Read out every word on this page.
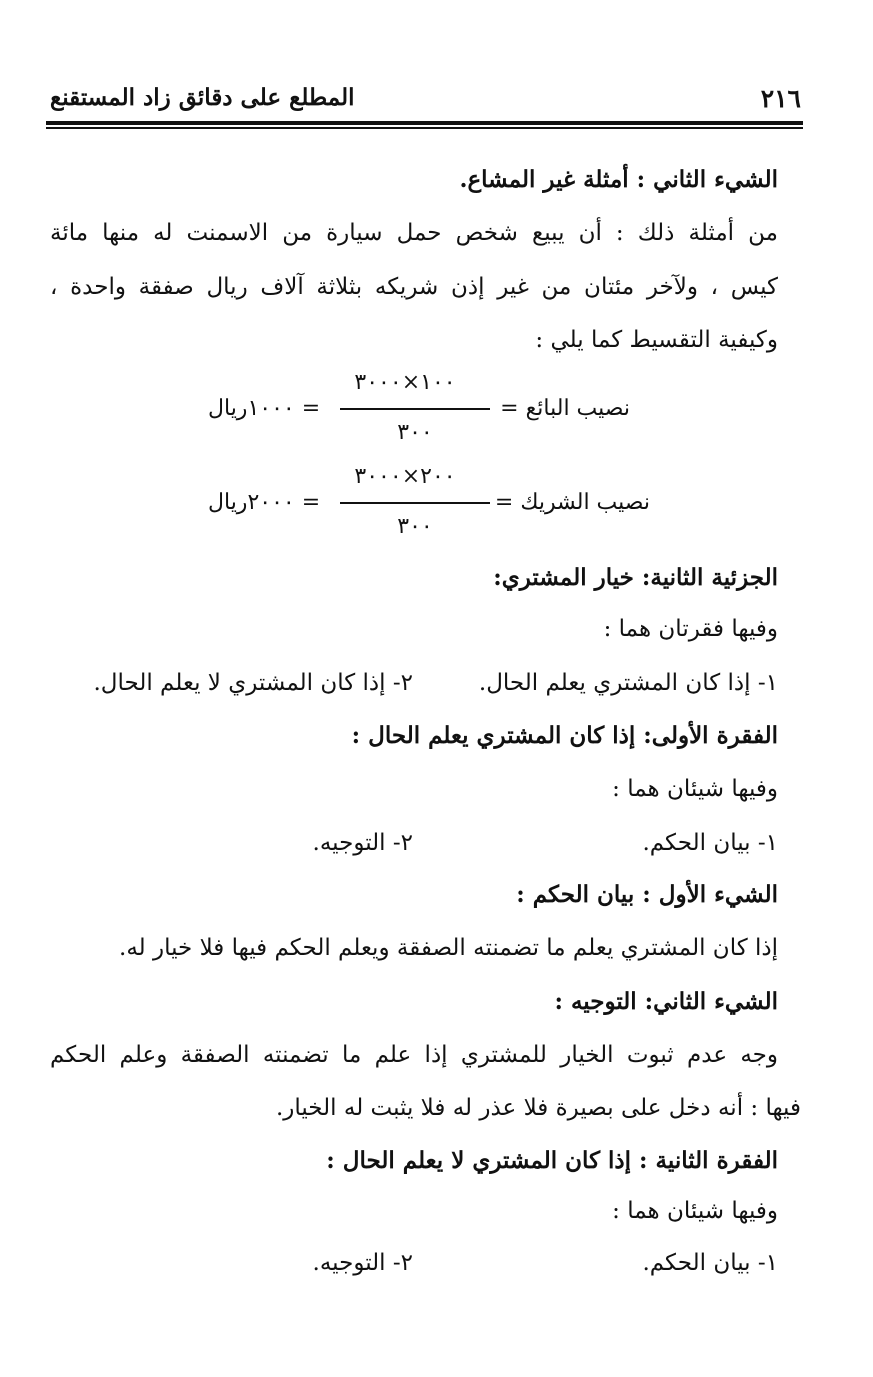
٢١٦
المطلع على دقائق زاد المستقنع
الشيء الثاني : أمثلة غير المشاع.
من أمثلة ذلك : أن يبيع شخص حمل سيارة من الاسمنت له منها مائة
كيس ، ولآخر مئتان من غير إذن شريكه بثلاثة آلاف ريال صفقة واحدة ،
وكيفية التقسيط كما يلي :
نصيب البائع =
١٠٠×٣٠٠٠
٣٠٠
= ١٠٠٠ريال
نصيب الشريك =
٢٠٠×٣٠٠٠
٣٠٠
= ٢٠٠٠ريال
الجزئية الثانية: خيار المشتري:
وفيها فقرتان هما :
١- إذا كان المشتري يعلم الحال.
٢- إذا كان المشتري لا يعلم الحال.
الفقرة الأولى: إذا كان المشتري يعلم الحال :
وفيها شيئان هما :
١- بيان الحكم.
٢- التوجيه.
الشيء الأول : بيان الحكم :
إذا كان المشتري يعلم ما تضمنته الصفقة ويعلم الحكم فيها فلا خيار له.
الشيء الثاني: التوجيه :
وجه عدم ثبوت الخيار للمشتري إذا علم ما تضمنته الصفقة وعلم الحكم
فيها : أنه دخل على بصيرة فلا عذر له فلا يثبت له الخيار.
الفقرة الثانية : إذا كان المشتري لا يعلم الحال :
وفيها شيئان هما :
١- بيان الحكم.
٢- التوجيه.
